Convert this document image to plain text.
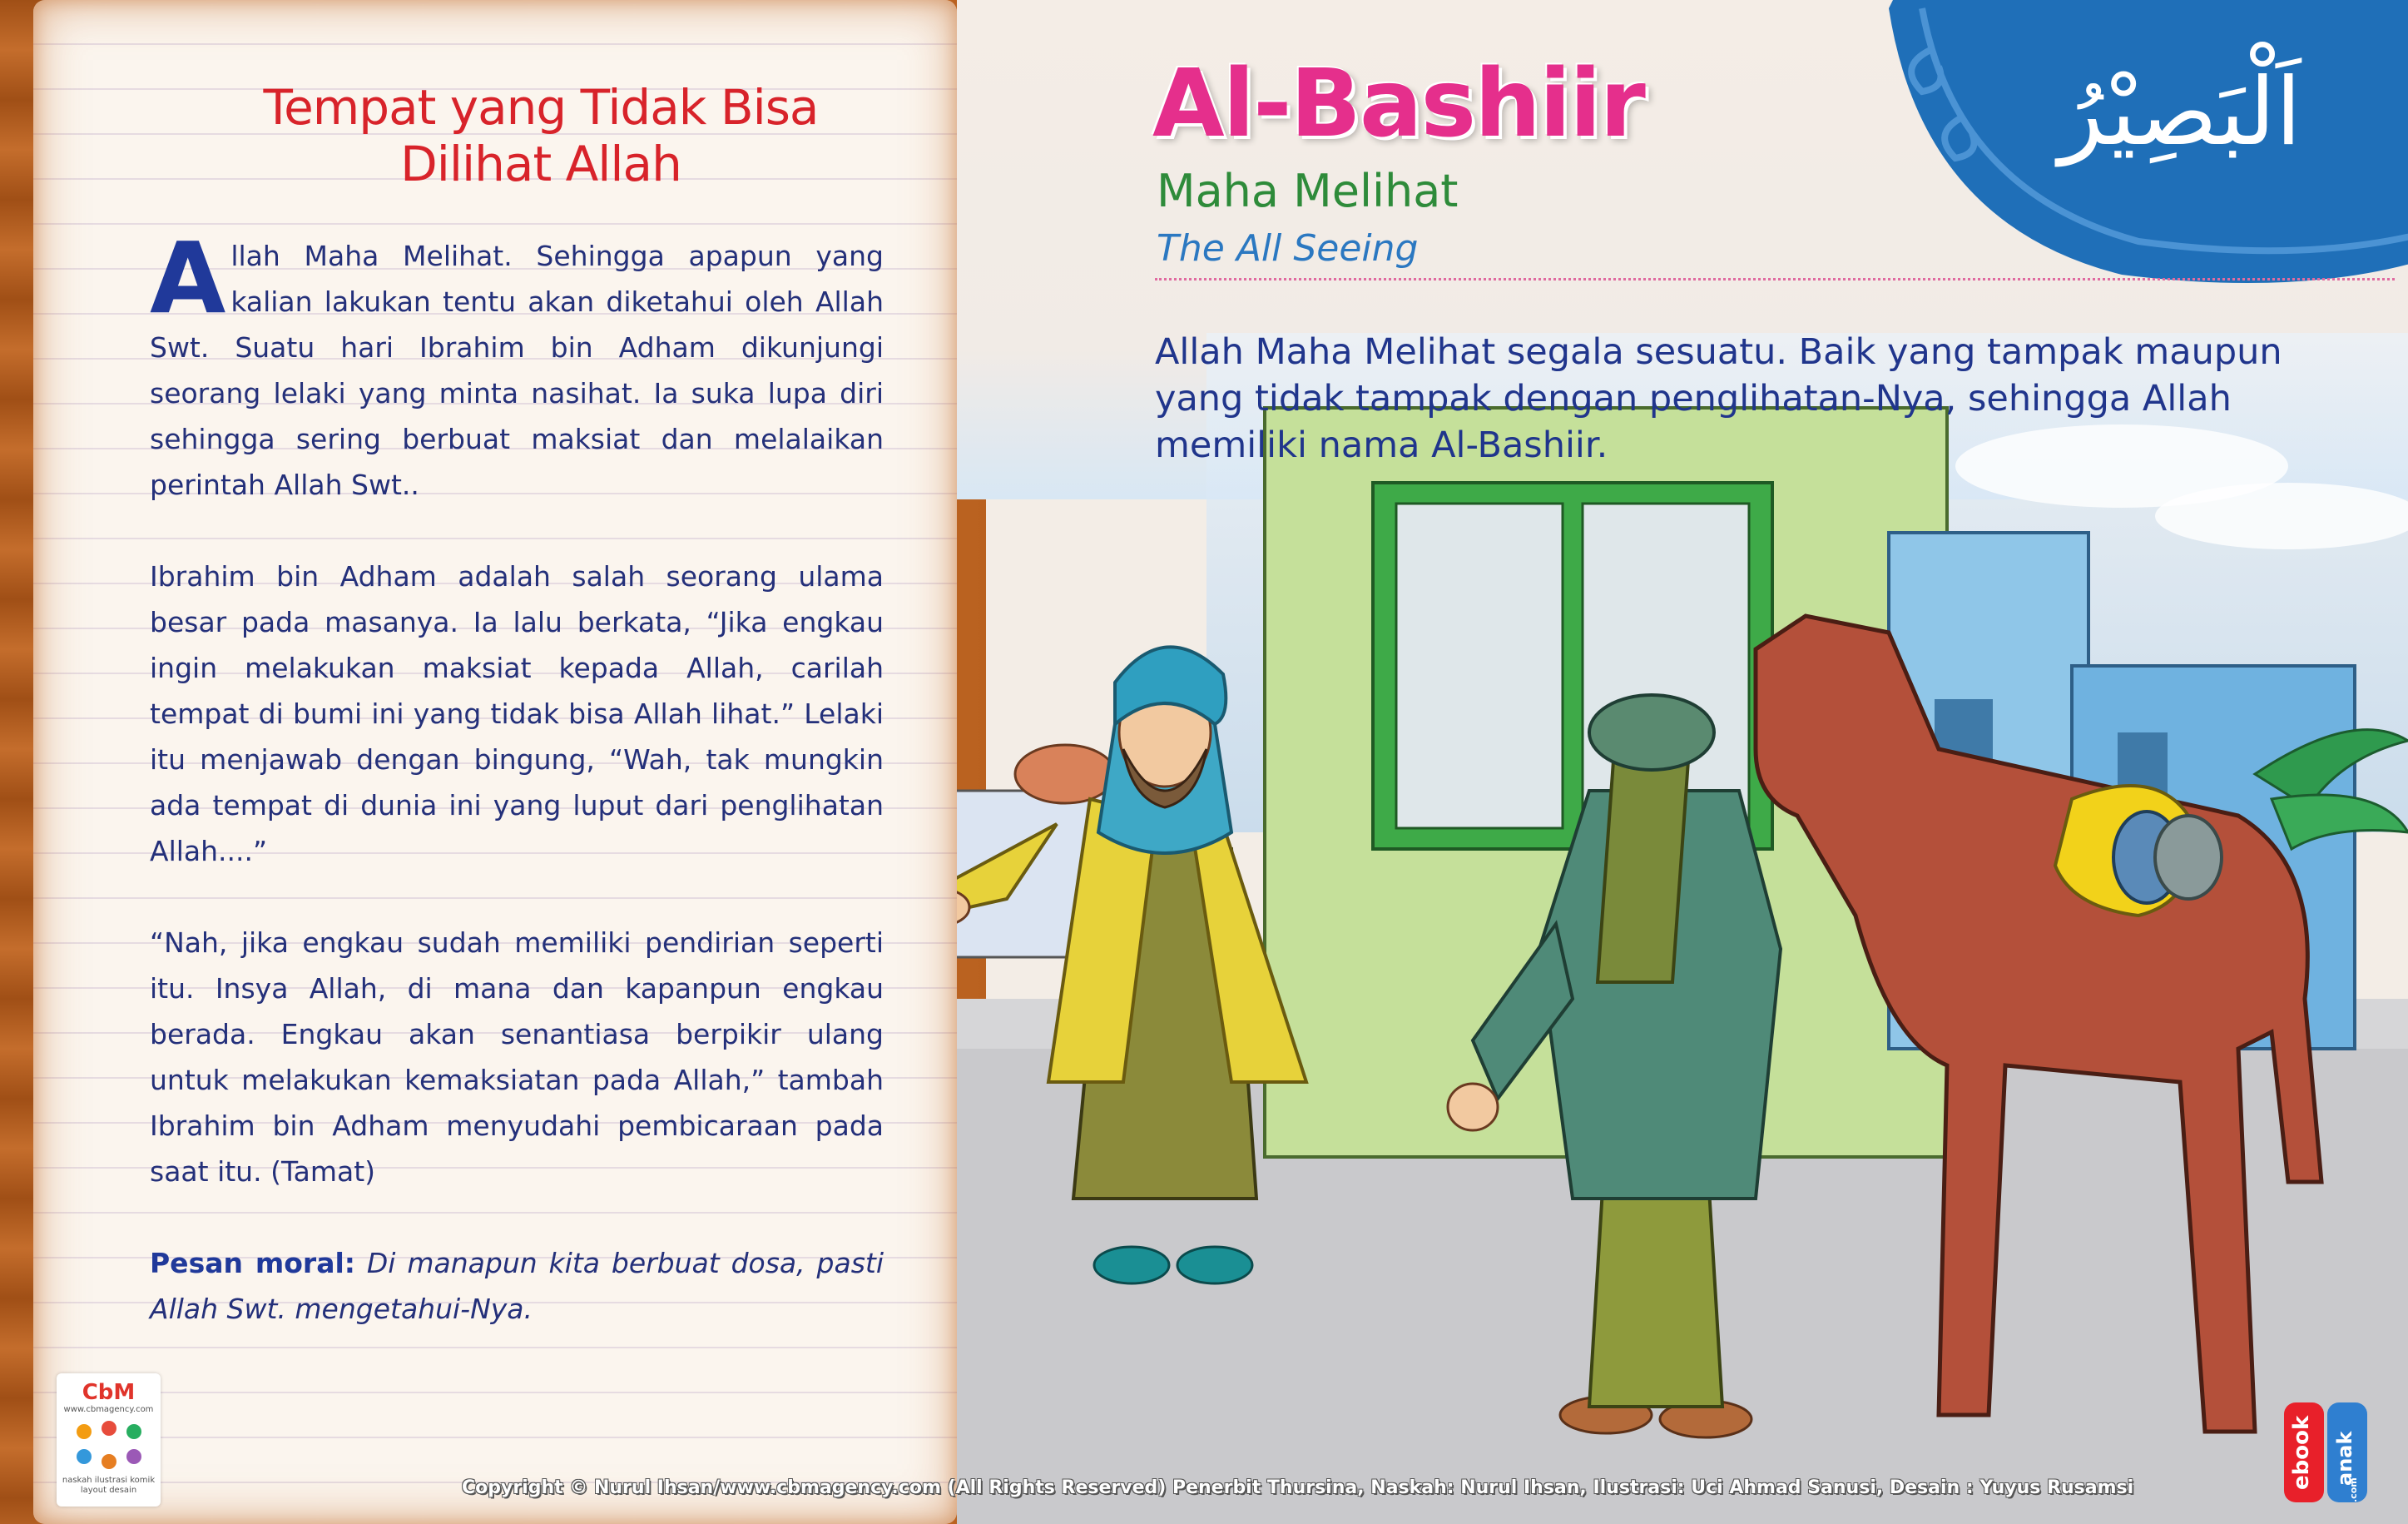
Tempat yang Tidak Bisa
Dilihat Allah

Allah Maha Melihat. Sehingga apapun yang kalian lakukan tentu akan diketahui oleh Allah Swt. Suatu hari Ibrahim bin Adham dikunjungi seorang lelaki yang minta nasihat. Ia suka lupa diri sehingga sering berbuat maksiat dan melalaikan perintah Allah Swt..

Ibrahim bin Adham adalah salah seorang ulama besar pada masanya. Ia lalu berkata, “Jika engkau ingin melakukan maksiat kepada Allah, carilah tempat di bumi ini yang tidak bisa Allah lihat.” Lelaki itu menjawab dengan bingung, “Wah, tak mungkin ada tempat di dunia ini yang luput dari penglihatan Allah....”

“Nah, jika engkau sudah memiliki pendirian seperti itu. Insya Allah, di mana dan kapanpun engkau berada. Engkau akan senantiasa berpikir ulang untuk melakukan kemaksiatan pada Allah,” tambah Ibrahim bin Adham menyudahi pembicaraan pada saat itu. (Tamat)

Pesan moral: Di manapun kita berbuat dosa, pasti Allah Swt. mengetahui-Nya.

CbM
www.cbmagency.com
naskah ilustrasi komik layout desain
Al-Bashiir
Maha Melihat
The All Seeing
اَلْبَصِيْرُ
Allah Maha Melihat segala sesuatu. Baik yang tampak maupun yang tidak tampak dengan penglihatan-Nya, sehingga Allah memiliki nama Al-Bashiir.
Copyright © Nurul Ihsan/www.cbmagency.com (All Rights Reserved) Penerbit Thursina, Naskah: Nurul Ihsan, Ilustrasi: Uci Ahmad Sanusi, Desain : Yuyus Rusamsi	ebook anak
.com
